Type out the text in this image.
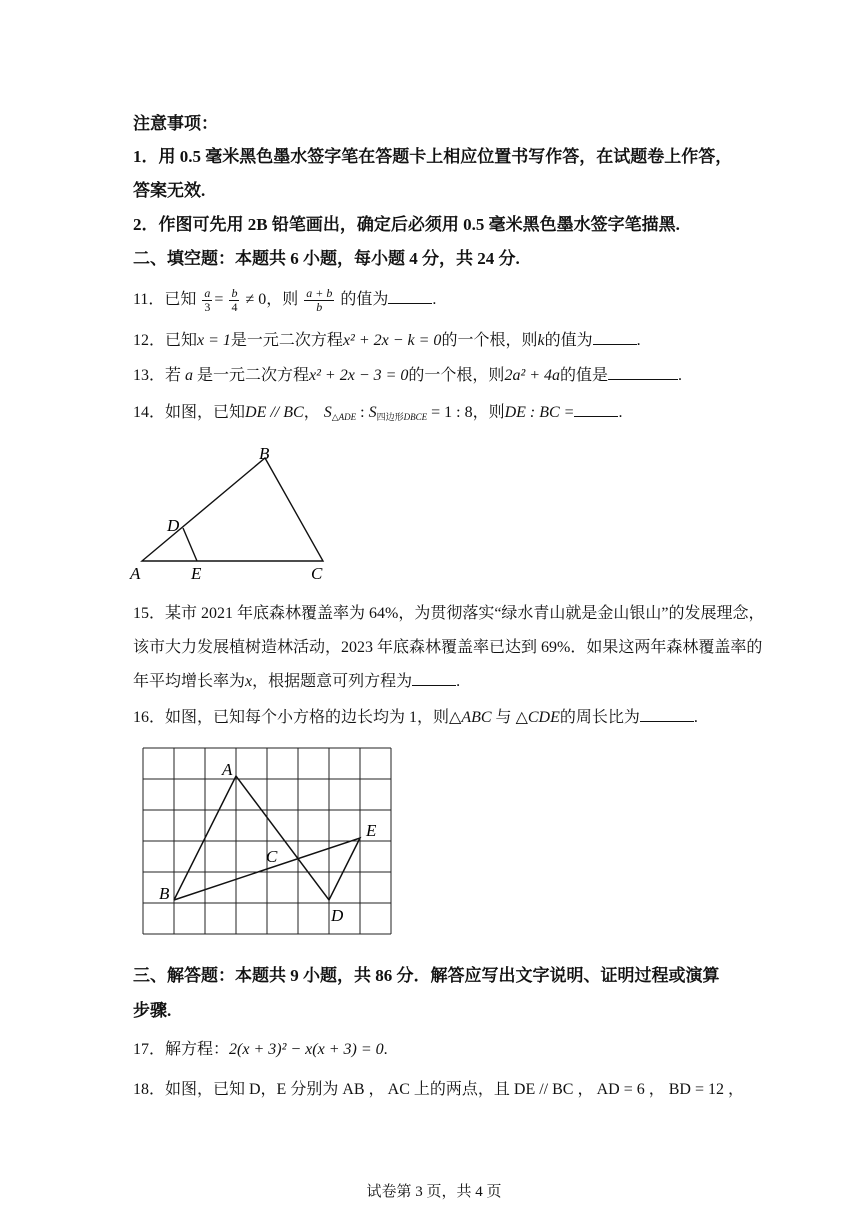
注意事项：
1．用 0.5 毫米黑色墨水签字笔在答题卡上相应位置书写作答，在试题卷上作答，
答案无效.
2．作图可先用 2B 铅笔画出，确定后必须用 0.5 毫米黑色墨水签字笔描黑.
二、填空题：本题共 6 小题，每小题 4 分，共 24 分.
11．已知 $\frac{a}{3} = \frac{b}{4} \ne 0$，则 $\frac{a + b}{b}$ 的值为	.
12．已知x = 1是一元二次方程x² + 2x − k = 0的一个根，则k的值为	.
13．若 a 是一元二次方程x² + 2x − 3 = 0的一个根，则2a² + 4a的值是	.
14．如图，已知DE // BC， $S_{\triangle ADE}$ : $S_{四边形DBCE} = 1$ : 8，则DE : BC =	.
A
B
C
D
E
15．某市 2021 年底森林覆盖率为 64%，为贯彻落实“绿水青山就是金山银山”的发展理念，
该市大力发展植树造林活动，2023 年底森林覆盖率已达到 69%．如果这两年森林覆盖率的
年平均增长率为x，根据题意可列方程为	.
16．如图，已知每个小方格的边长均为 1，则△ABC 与 △CDE的周长比为	.
A
B
C
D
E
三、解答题：本题共 9 小题，共 86 分．解答应写出文字说明、证明过程或演算
步骤.
17．解方程：2(x + 3)² − x(x + 3) = 0.
18．如图，已知 D，E 分别为 AB ， AC 上的两点，且 DE // BC ， AD = 6 ， BD = 12 ，
试卷第 3 页，共 4 页
